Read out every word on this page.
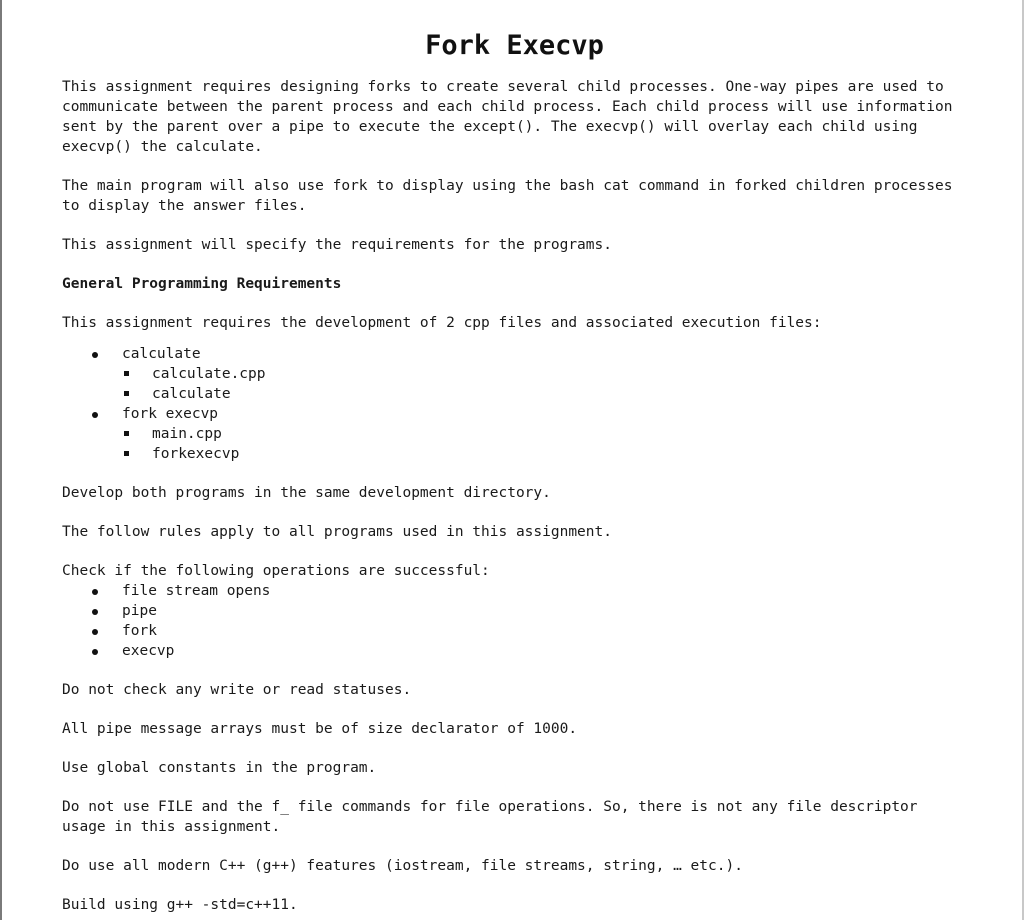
Fork Execvp

This assignment requires designing forks to create several child processes. One-way pipes are used to communicate between the parent process and each child process. Each child process will use information sent by the parent over a pipe to execute the except(). The execvp() will overlay each child using execvp() the calculate.

The main program will also use fork to display using the bash cat command in forked children processes to display the answer files.

This assignment will specify the requirements for the programs.

General Programming Requirements

This assignment requires the development of 2 cpp files and associated execution files:

calculate
calculate.cpp
calculate
fork execvp
main.cpp
forkexecvp

Develop both programs in the same development directory.

The follow rules apply to all programs used in this assignment.

Check if the following operations are successful:

file stream opens
pipe
fork
execvp

Do not check any write or read statuses.

All pipe message arrays must be of size declarator of 1000.

Use global constants in the program.

Do not use FILE and the f_ file commands for file operations. So, there is not any file descriptor usage in this assignment.

Do use all modern C++ (g++) features (iostream, file streams, string, … etc.).

Build using g++ -std=c++11.
